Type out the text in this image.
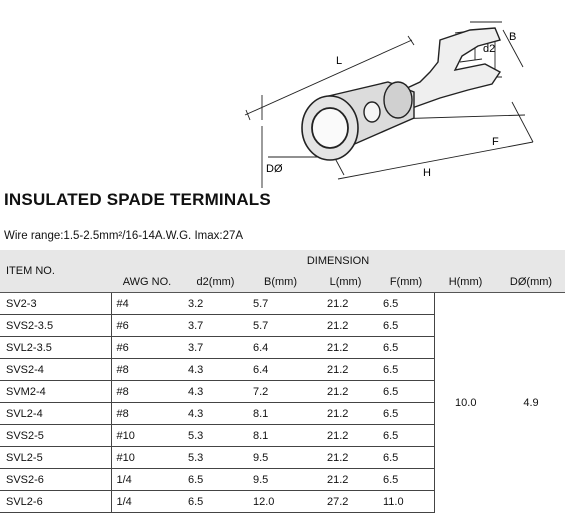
L
d2
B
F
H
DØ
INSULATED SPADE TERMINALS
Wire range:1.5-2.5mm²/16-14A.W.G. Imax:27A
ITEM NO.	DIMENSION						
	AWG NO.	d2(mm)	B(mm)	L(mm)	F(mm)	H(mm)	DØ(mm)
SV2-3	#4	3.2	5.7	21.2	6.5	10.0	4.9
SVS2-3.5	#6	3.7	5.7	21.2	6.5		
SVL2-3.5	#6	3.7	6.4	21.2	6.5		
SVS2-4	#8	4.3	6.4	21.2	6.5		
SVM2-4	#8	4.3	7.2	21.2	6.5		
SVL2-4	#8	4.3	8.1	21.2	6.5		
SVS2-5	#10	5.3	8.1	21.2	6.5		
SVL2-5	#10	5.3	9.5	21.2	6.5		
SVS2-6	1/4	6.5	9.5	21.2	6.5		
SVL2-6	1/4	6.5	12.0	27.2	11.0		
